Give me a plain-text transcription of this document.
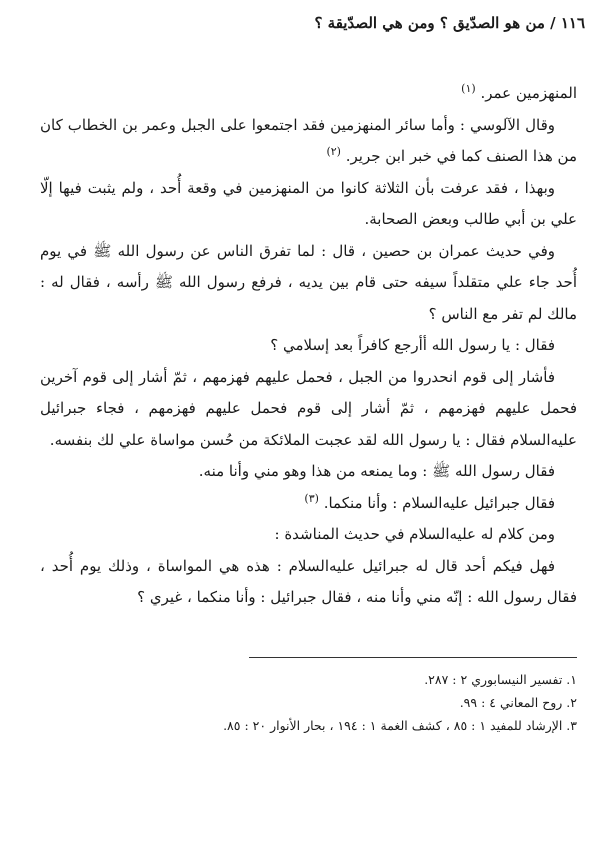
١١٦ / من هو الصدّيق ؟ ومن هي الصدّيقة ؟

المنهزمين عمر. $^{(١)}$

وقال الآلوسي : وأما سائر المنهزمين فقد اجتمعوا على الجبل وعمر بن الخطاب كان من هذا الصنف كما في خبر ابن جرير. $^{(٢)}$

وبهذا ، فقد عرفت بأن الثلاثة كانوا من المنهزمين في وقعة أُحد ، ولم يثبت فيها إلّا علي بن أبي طالب وبعض الصحابة.

وفي حديث عمران بن حصين ، قال : لما تفرق الناس عن رسول الله ﷺ في يوم أُحد جاء علي متقلداً سيفه حتى قام بين يديه ، فرفع رسول الله ﷺ رأسه ، فقال له : مالك لم تفر مع الناس ؟

فقال : يا رسول الله أأرجع كافراً بعد إسلامي ؟

فأشار إلى قوم انحدروا من الجبل ، فحمل عليهم فهزمهم ، ثمّ أشار إلى قوم آخرين فحمل عليهم فهزمهم ، ثمّ أشار إلى قوم فحمل عليهم فهزمهم ، فجاء جبرائيل عليه‌السلام فقال : يا رسول الله لقد عجبت الملائكة من حُسن مواساة علي لك بنفسه.

فقال رسول الله ﷺ : وما يمنعه من هذا وهو مني وأنا منه.

فقال جبرائيل عليه‌السلام : وأنا منكما. $^{(٣)}$

ومن كلام له عليه‌السلام في حديث المناشدة :

فهل فيكم أحد قال له جبرائيل عليه‌السلام : هذه هي المواساة ، وذلك يوم أُحد ، فقال رسول الله : إنّه مني وأنا منه ، فقال جبرائيل : وأنا منكما ، غيري ؟

١. تفسير النيسابوري ٢ : ٢٨٧.
٢. روح المعاني ٤ : ٩٩.
٣. الإرشاد للمفيد ١ : ٨٥ ، كشف الغمة ١ : ١٩٤ ، بحار الأنوار ٢٠ : ٨٥.
